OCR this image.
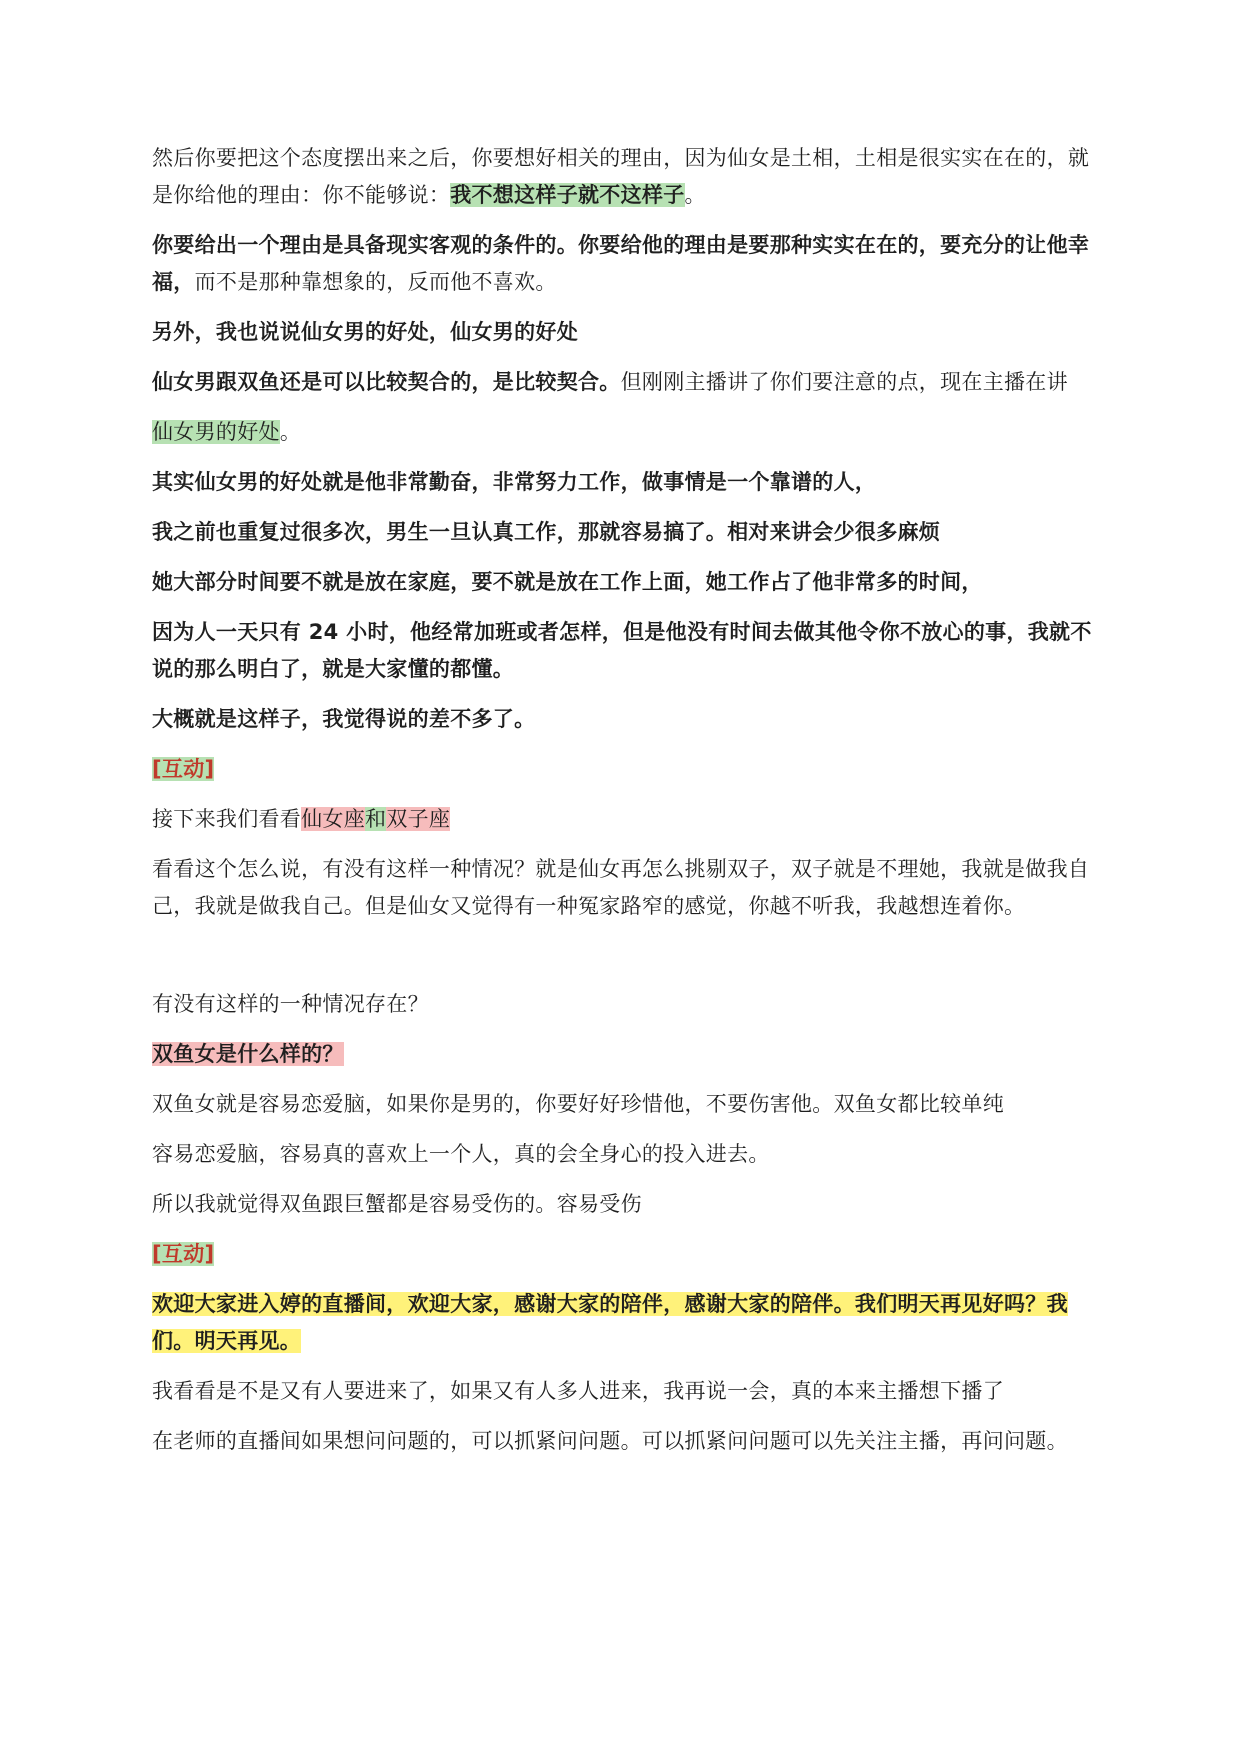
然后你要把这个态度摆出来之后，你要想好相关的理由，因为仙女是土相，土相是很实实在在的，就是你给他的理由：你不能够说：我不想这样子就不这样子。

你要给出一个理由是具备现实客观的条件的。你要给他的理由是要那种实实在在的，要充分的让他幸福，而不是那种靠想象的，反而他不喜欢。

另外，我也说说仙女男的好处，仙女男的好处

仙女男跟双鱼还是可以比较契合的，是比较契合。但刚刚主播讲了你们要注意的点，现在主播在讲

仙女男的好处。

其实仙女男的好处就是他非常勤奋，非常努力工作，做事情是一个靠谱的人，

我之前也重复过很多次，男生一旦认真工作，那就容易搞了。相对来讲会少很多麻烦

她大部分时间要不就是放在家庭，要不就是放在工作上面，她工作占了他非常多的时间，

因为人一天只有 24 小时，他经常加班或者怎样，但是他没有时间去做其他令你不放心的事，我就不说的那么明白了，就是大家懂的都懂。

大概就是这样子，我觉得说的差不多了。

[互动]

接下来我们看看仙女座和双子座

看看这个怎么说，有没有这样一种情况？就是仙女再怎么挑剔双子，双子就是不理她，我就是做我自己，我就是做我自己。但是仙女又觉得有一种冤家路窄的感觉，你越不听我，我越想连着你。

有没有这样的一种情况存在？

双鱼女是什么样的？

双鱼女就是容易恋爱脑，如果你是男的，你要好好珍惜他，不要伤害他。双鱼女都比较单纯

容易恋爱脑，容易真的喜欢上一个人，真的会全身心的投入进去。

所以我就觉得双鱼跟巨蟹都是容易受伤的。容易受伤

[互动]

欢迎大家进入婷的直播间，欢迎大家，感谢大家的陪伴，感谢大家的陪伴。我们明天再见好吗？我们。明天再见。

我看看是不是又有人要进来了，如果又有人多人进来，我再说一会，真的本来主播想下播了

在老师的直播间如果想问问题的，可以抓紧问问题。可以抓紧问问题可以先关注主播，再问问题。
